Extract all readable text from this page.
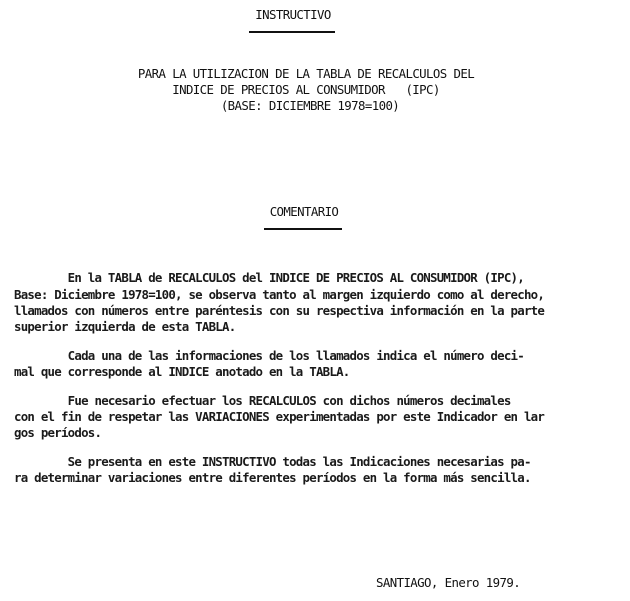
INSTRUCTIVO
PARA LA UTILIZACION DE LA TABLA DE RECALCULOS DEL
INDICE DE PRECIOS AL CONSUMIDOR   (IPC)
(BASE: DICIEMBRE 1978=100)
COMENTARIO
En la TABLA de RECALCULOS del INDICE DE PRECIOS AL CONSUMIDOR (IPC),
Base: Diciembre 1978=100, se observa tanto al margen izquierdo como al derecho,
llamados con números entre paréntesis con su respectiva información en la parte
superior izquierda de esta TABLA.
Cada una de las informaciones de los llamados indica el número deci-
mal que corresponde al INDICE anotado en la TABLA.
Fue necesario efectuar los RECALCULOS con dichos números decimales
con el fin de respetar las VARIACIONES experimentadas por este Indicador en lar
gos períodos.
Se presenta en este INSTRUCTIVO todas las Indicaciones necesarias pa-
ra determinar variaciones entre diferentes períodos en la forma más sencilla.
SANTIAGO, Enero 1979.
